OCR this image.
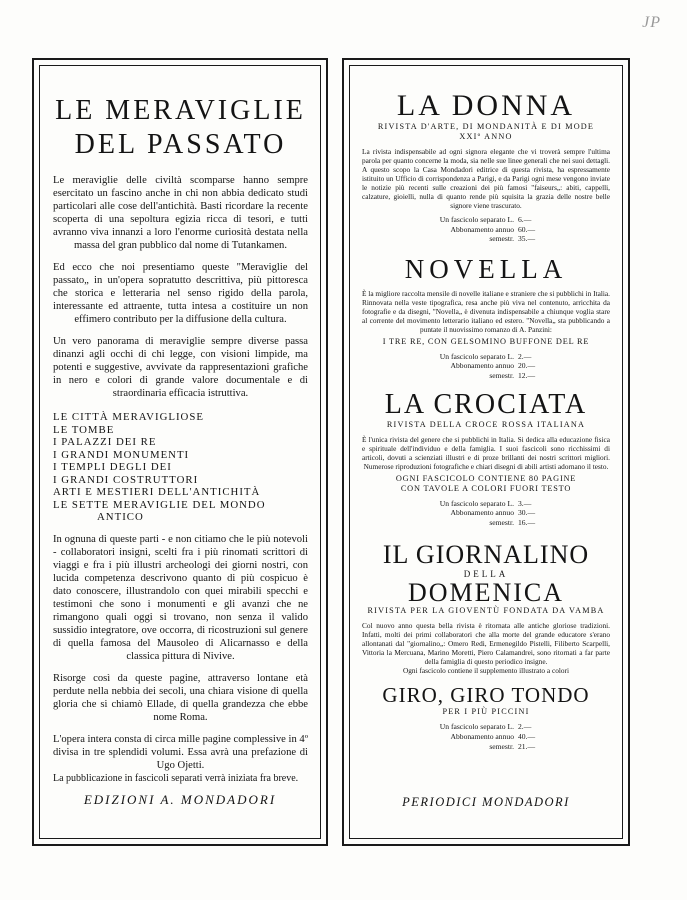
JP
LE MERAVIGLIE
DEL PASSATO

Le meraviglie delle civiltà scomparse hanno sempre esercitato un fascino anche in chi non abbia dedicato studi particolari alle cose dell'antichità. Basti ricordare la recente scoperta di una sepoltura egizia ricca di tesori, e tutti avranno viva innanzi a loro l'enorme curiosità destata nella massa del gran pubblico dal nome di Tutankamen.

Ed ecco che noi presentiamo queste "Meraviglie del passato„ in un'opera sopratutto descrittiva, più pittoresca che storica e letteraria nel senso rigido della parola, interessante ed attraente, tutta intesa a costituire un non effimero contributo per la diffusione della cultura.

Un vero panorama di meraviglie sempre diverse passa dinanzi agli occhi di chi legge, con visioni limpide, ma potenti e suggestive, avvivate da rappresentazioni grafiche in nero e colori di grande valore documentale e di straordinaria efficacia istruttiva.

LE CITTÀ MERAVIGLIOSE
LE TOMBE
I PALAZZI DEI RE
I GRANDI MONUMENTI
I TEMPLI DEGLI DEI
I GRANDI COSTRUTTORI
ARTI E MESTIERI DELL'ANTICHITÀ
LE SETTE MERAVIGLIE DEL MONDO
ANTICO

In ognuna di queste parti - e non citiamo che le più notevoli - collaboratori insigni, scelti fra i più rinomati scrittori di viaggi e fra i più illustri archeologi dei giorni nostri, con lucida competenza descrivono quanto di più cospicuo è dato conoscere, illustrandolo con quei mirabili specchi e testimoni che sono i monumenti e gli avanzi che ne rimangono quali oggi si trovano, non senza il valido sussidio integratore, ove occorra, di ricostruzioni sul genere di quella famosa del Mausoleo di Alicarnasso e della classica pittura di Nivive.

Risorge così da queste pagine, attraverso lontane età perdute nella nebbia dei secoli, una chiara visione di quella gloria che si chiamò Ellade, di quella grandezza che ebbe nome Roma.

L'opera intera consta di circa mille pagine complessive in 4º divisa in tre splendidi volumi. Essa avrà una prefazione di Ugo Ojetti.

La pubblicazione in fascicoli separati verrà iniziata fra breve.

EDIZIONI A. MONDADORI
LA DONNA
RIVISTA D'ARTE, DI MONDANITÀ E DI MODE
XXIº ANNO

La rivista indispensabile ad ogni signora elegante che vi troverà sempre l'ultima parola per quanto concerne la moda, sia nelle sue linee generali che nei suoi dettagli. A questo scopo la Casa Mondadori editrice di questa rivista, ha espressamente istituito un Ufficio di corrispondenza a Parigi, e da Parigi ogni mese vengono inviate le notizie più recenti sulle creazioni dei più famosi "faiseurs„: abiti, cappelli, calzature, gioielli, nulla di quanto rende più squisita la grazia delle nostre belle signore viene trascurato.

Un fascicolo separato L. 6.—
Abbonamento annuo 60.—
semestr. 35.—
NOVELLA

È la migliore raccolta mensile di novelle italiane e straniere che si pubblichi in Italia. Rinnovata nella veste tipografica, resa anche più viva nel contenuto, arricchita da fotografie e da disegni, "Novella„ è divenuta indispensabile a chiunque voglia stare al corrente del movimento letterario italiano ed estero. "Novella„ sta pubblicando a puntate il nuovissimo romanzo di A. Panzini:

I TRE RE, CON GELSOMINO BUFFONE DEL RE
Un fascicolo separato L. 2.—
Abbonamento annuo 20.—
semestr. 12.—
LA CROCIATA
RIVISTA DELLA CROCE ROSSA ITALIANA

È l'unica rivista del genere che si pubblichi in Italia. Si dedica alla educazione fisica e spirituale dell'individuo e della famiglia. I suoi fascicoli sono ricchissimi di articoli, dovuti a scienziati illustri e di proze brillanti dei nostri scrittori migliori. Numerose riproduzioni fotografiche e chiari disegni di abili artisti adornano il testo.

OGNI FASCICOLO CONTIENE 80 PAGINE
CON TAVOLE A COLORI FUORI TESTO
Un fascicolo separato L. 3.—
Abbonamento annuo 30.—
semestr. 16.—
IL GIORNALINO
DELLA
DOMENICA
RIVISTA PER LA GIOVENTÙ FONDATA DA VAMBA

Col nuovo anno questa bella rivista è ritornata alle antiche gloriose tradizioni. Infatti, molti dei primi collaboratori che alla morte del grande educatore s'erano allontanati dal "giornalino„: Omero Redi, Ermenegildo Pistelli, Filiberto Scarpelli, Vittoria la Mercuana, Marino Moretti, Piero Calamandrei, sono ritornati a far parte della famiglia di questo periodico insigne.

Ogni fascicolo contiene il supplemento illustrato a colori

GIRO, GIRO TONDO
PER I PIÙ PICCINI
Un fascicolo separato L. 2.—
Abbonamento annuo 40.—
semestr. 21.—
PERIODICI MONDADORI
